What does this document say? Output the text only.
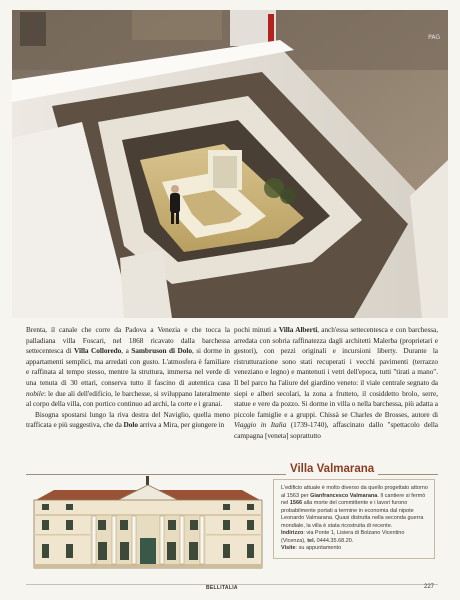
PAG

Brenta, il canale che corre da Padova a Venezia e che tocca la palladiana villa Foscari, nel 1868 ricavato dalla barchessa settecentesca di Villa Colloredo, a Sambruson di Dolo, si dorme in appartamenti semplici, ma arredati con gusto. L'atmosfera è familiare e raffinata al tempo stesso, mentre la struttura, immersa nel verde di una tenuta di 30 ettari, conserva tutto il fascino di autentica casa nobile: le due ali dell'edificio, le barchesse, si sviluppano lateralmente al corpo della villa, con portico continuo ad archi, la corte e i granai.

Bisogna spostarsi lungo la riva destra del Naviglio, quella meno trafficata e più suggestiva, che da Dolo arriva a Mira, per giungere in

pochi minuti a Villa Alberti, anch'essa settecentesca e con barchessa, arredata con sobria raffinatezza dagli architetti Malerba (proprietari e gestori), con pezzi originali e incursioni liberty. Durante la ristrutturazione sono stati recuperati i vecchi pavimenti (terrazzo veneziano e legno) e mantenuti i vetri dell'epoca, tutti "tirati a mano". Il bel parco ha l'aliure del giardino veneto: il viale centrale segnato da siepi e alberi secolari, la zona a frutteto, il cosiddetto brolo, serre, statue e vere da pozzo. Si dorme in villa o nella barchessa, più adatta a piccole famiglie e a gruppi. Chissà se Charles de Brosses, autore di Viaggio in Italia (1739-1740), affascinato dallo "spettacolo della campagna [veneta] soprattutto

Villa Valmarana

L'edificio attuale è molto diverso da quello progettato attorno al 1563 per Gianfrancesco Valmarana. Il cantiere si fermò nel 1566 alla morte del committente e i lavori furono probabilmente portati a termine in economia dal nipote Leonardo Valmarana. Quasi distrutta nella seconda guerra mondiale, la villa è stata ricostruita di recente.

Indirizzo: via Ponte 1, Lisiera di Bolzano Vicentino (Vicenza), tel. 0444.35.68.20.

Visite: su appuntamento

BELLITALIA	227
